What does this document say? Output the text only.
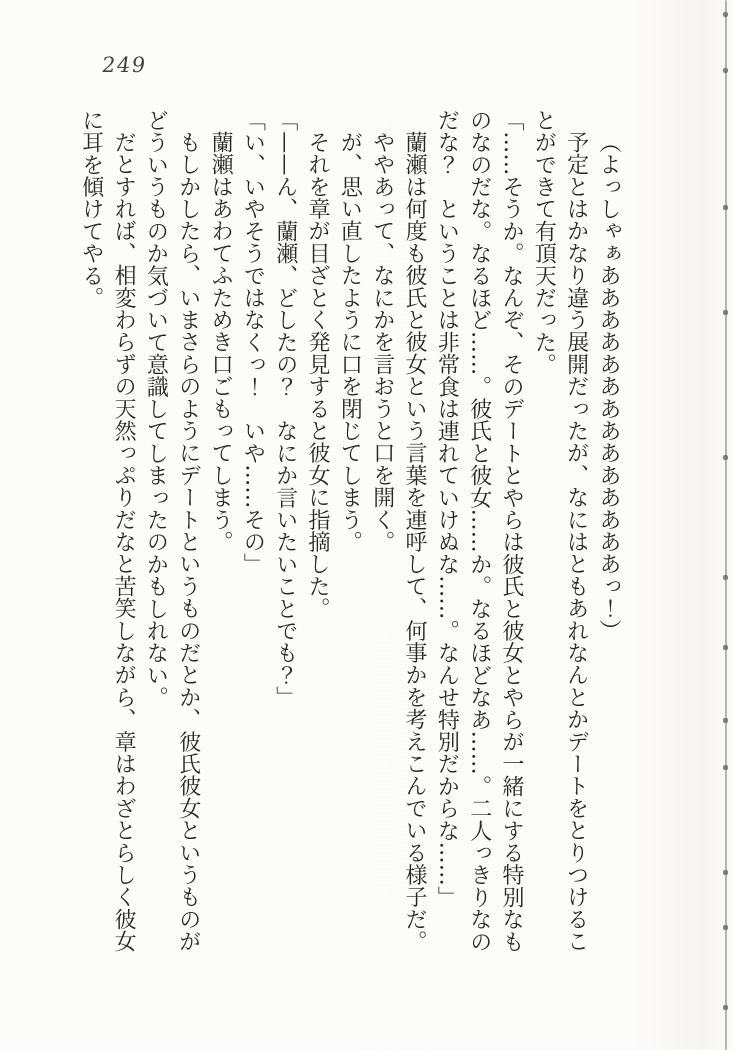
249

（よっしゃぁああああああああああああああっ！）

予定とはかなり違う展開だったが、なにはともあれなんとかデートをとりつけるこ
とができて有頂天だった。

「……そうか。なんぞ、そのデートとやらは彼氏と彼女とやらが一緒にする特別なも
のなのだな。なるほど……。彼氏と彼女……か。なるほどなあ……。二人っきりなの
だな？　ということは非常食は連れていけぬな……。なんせ特別だからな……」

蘭瀬は何度も彼氏と彼女という言葉を連呼して、何事かを考えこんでいる様子だ。

ややあって、なにかを言おうと口を開く。

が、思い直したように口を閉じてしまう。

それを章が目ざとく発見すると彼女に指摘した。

「——ん、蘭瀬、どしたの？　なにか言いたいことでも？」

「い、いやそうではなくっ！　いや……その」

蘭瀬はあわてふためき口ごもってしまう。

もしかしたら、いまさらのようにデートというものだとか、彼氏彼女というものが
どういうものか気づいて意識してしまったのかもしれない。

だとすれば、相変わらずの天然っぷりだなと苦笑しながら、章はわざとらしく彼女
に耳を傾けてやる。
